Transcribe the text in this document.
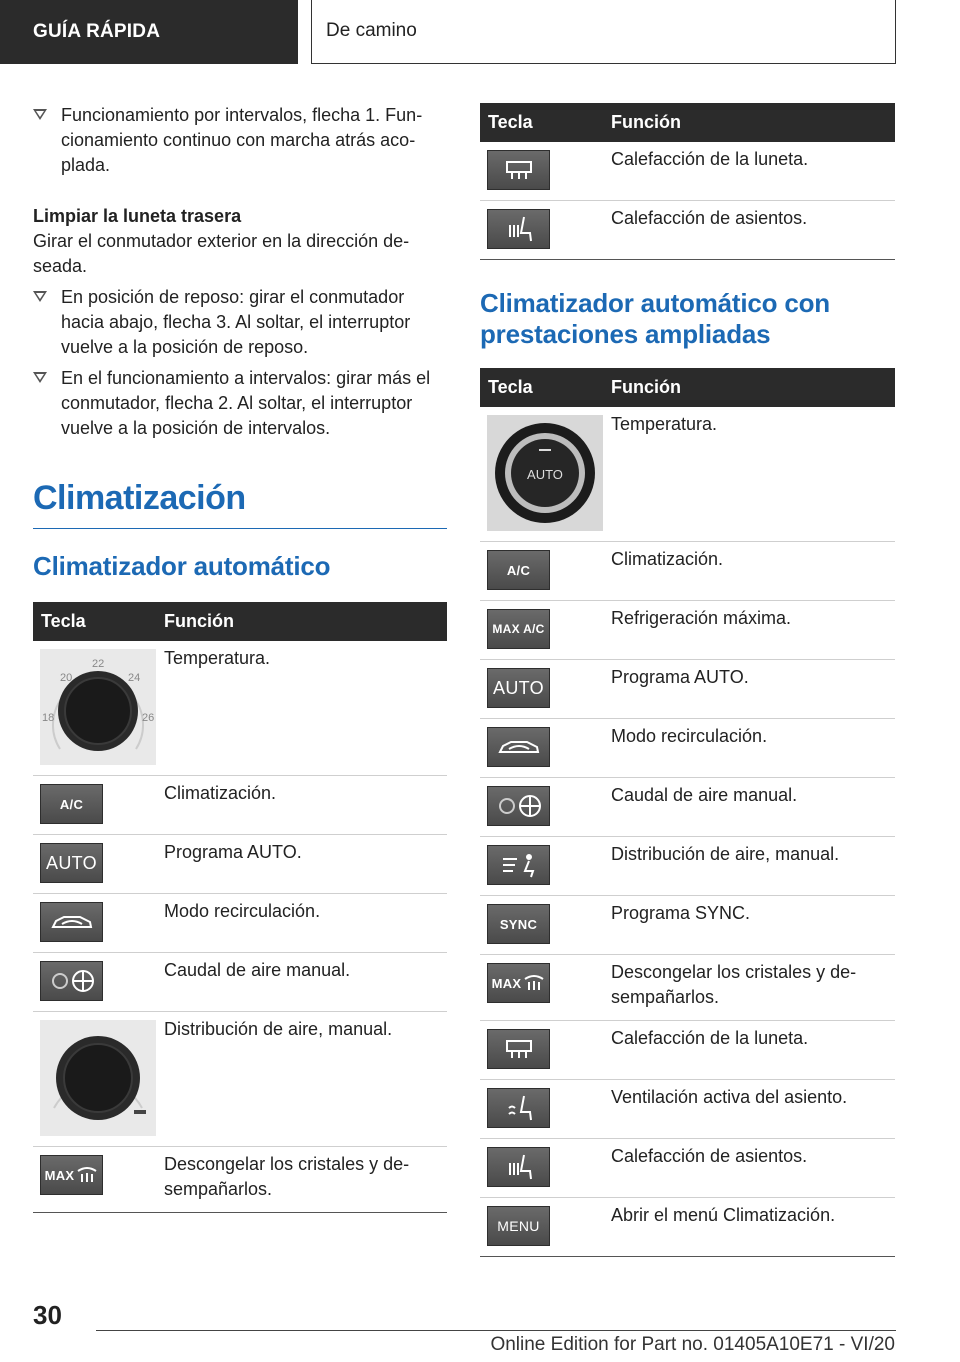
GUÍA RÁPIDA	De camino
Funcionamiento por intervalos, flecha 1. Fun- cionamiento continuo con marcha atrás aco- plada.
Limpiar la luneta trasera
Girar el conmutador exterior en la dirección de- seada.
En posición de reposo: girar el conmutador hacia abajo, flecha 3. Al soltar, el interruptor vuelve a la posición de reposo.
En el funcionamiento a intervalos: girar más el conmutador, flecha 2. Al soltar, el interruptor vuelve a la posición de intervalos.
Climatización
Climatizador automático
Tecla	Función

20
22
24
18 26	Temperatura.

A/C	Climatización.

AUTO	Programa AUTO.

	Modo recirculación.

	Caudal de aire manual.

	Distribución de aire, manual.

MAX	Descongelar los cristales y de- sempañarlos.
Tecla	Función

	Calefacción de la luneta.

	Calefacción de asientos.
Climatizador automático con prestaciones ampliadas
Tecla	Función

AUTO	Temperatura.

A/C	Climatización.

MAX A/C	Refrigeración máxima.

AUTO	Programa AUTO.

	Modo recirculación.

	Caudal de aire manual.

	Distribución de aire, manual.

SYNC	Programa SYNC.

MAX	Descongelar los cristales y de- sempañarlos.

	Calefacción de la luneta.

	Ventilación activa del asiento.

	Calefacción de asientos.

MENU	Abrir el menú Climatización.
30
Online Edition for Part no. 01405A10E71 - VI/20
